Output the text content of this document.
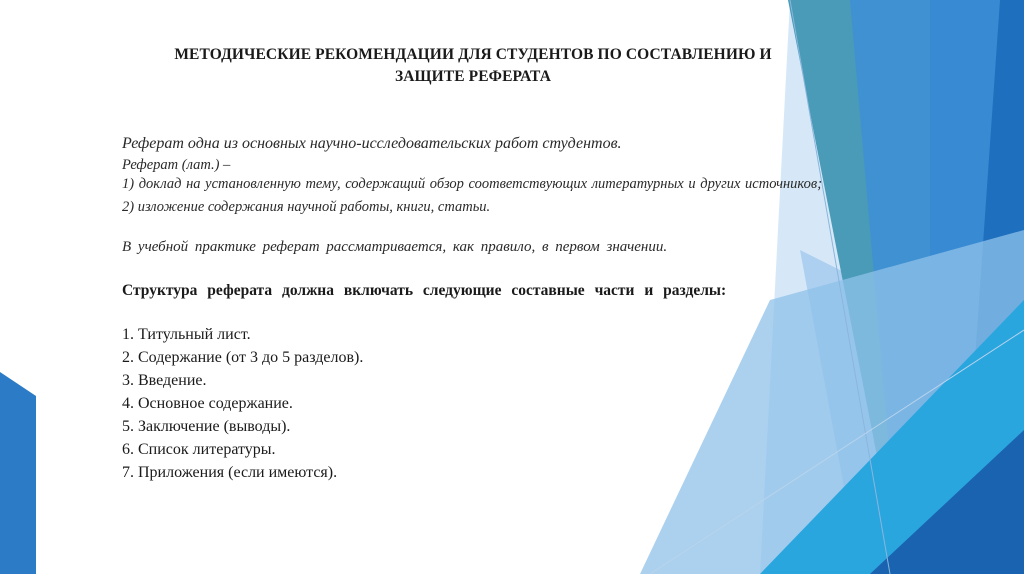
МЕТОДИЧЕСКИЕ РЕКОМЕНДАЦИИ ДЛЯ СТУДЕНТОВ ПО СОСТАВЛЕНИЮ И
ЗАЩИТЕ РЕФЕРАТА

Реферат одна из основных научно-исследовательских работ студентов.

Реферат (лат.) –

1) доклад на установленную тему, содержащий обзор соответствующих литературных и других источников;

2) изложение содержания научной работы, книги, статьи.

В учебной практике реферат рассматривается, как правило, в первом значении.

Структура реферата должна включать следующие составные части и разделы:

1. Титульный лист.
2. Содержание (от 3 до 5 разделов).
3. Введение.
4. Основное содержание.
5. Заключение (выводы).
6. Список литературы.
7. Приложения (если имеются).
